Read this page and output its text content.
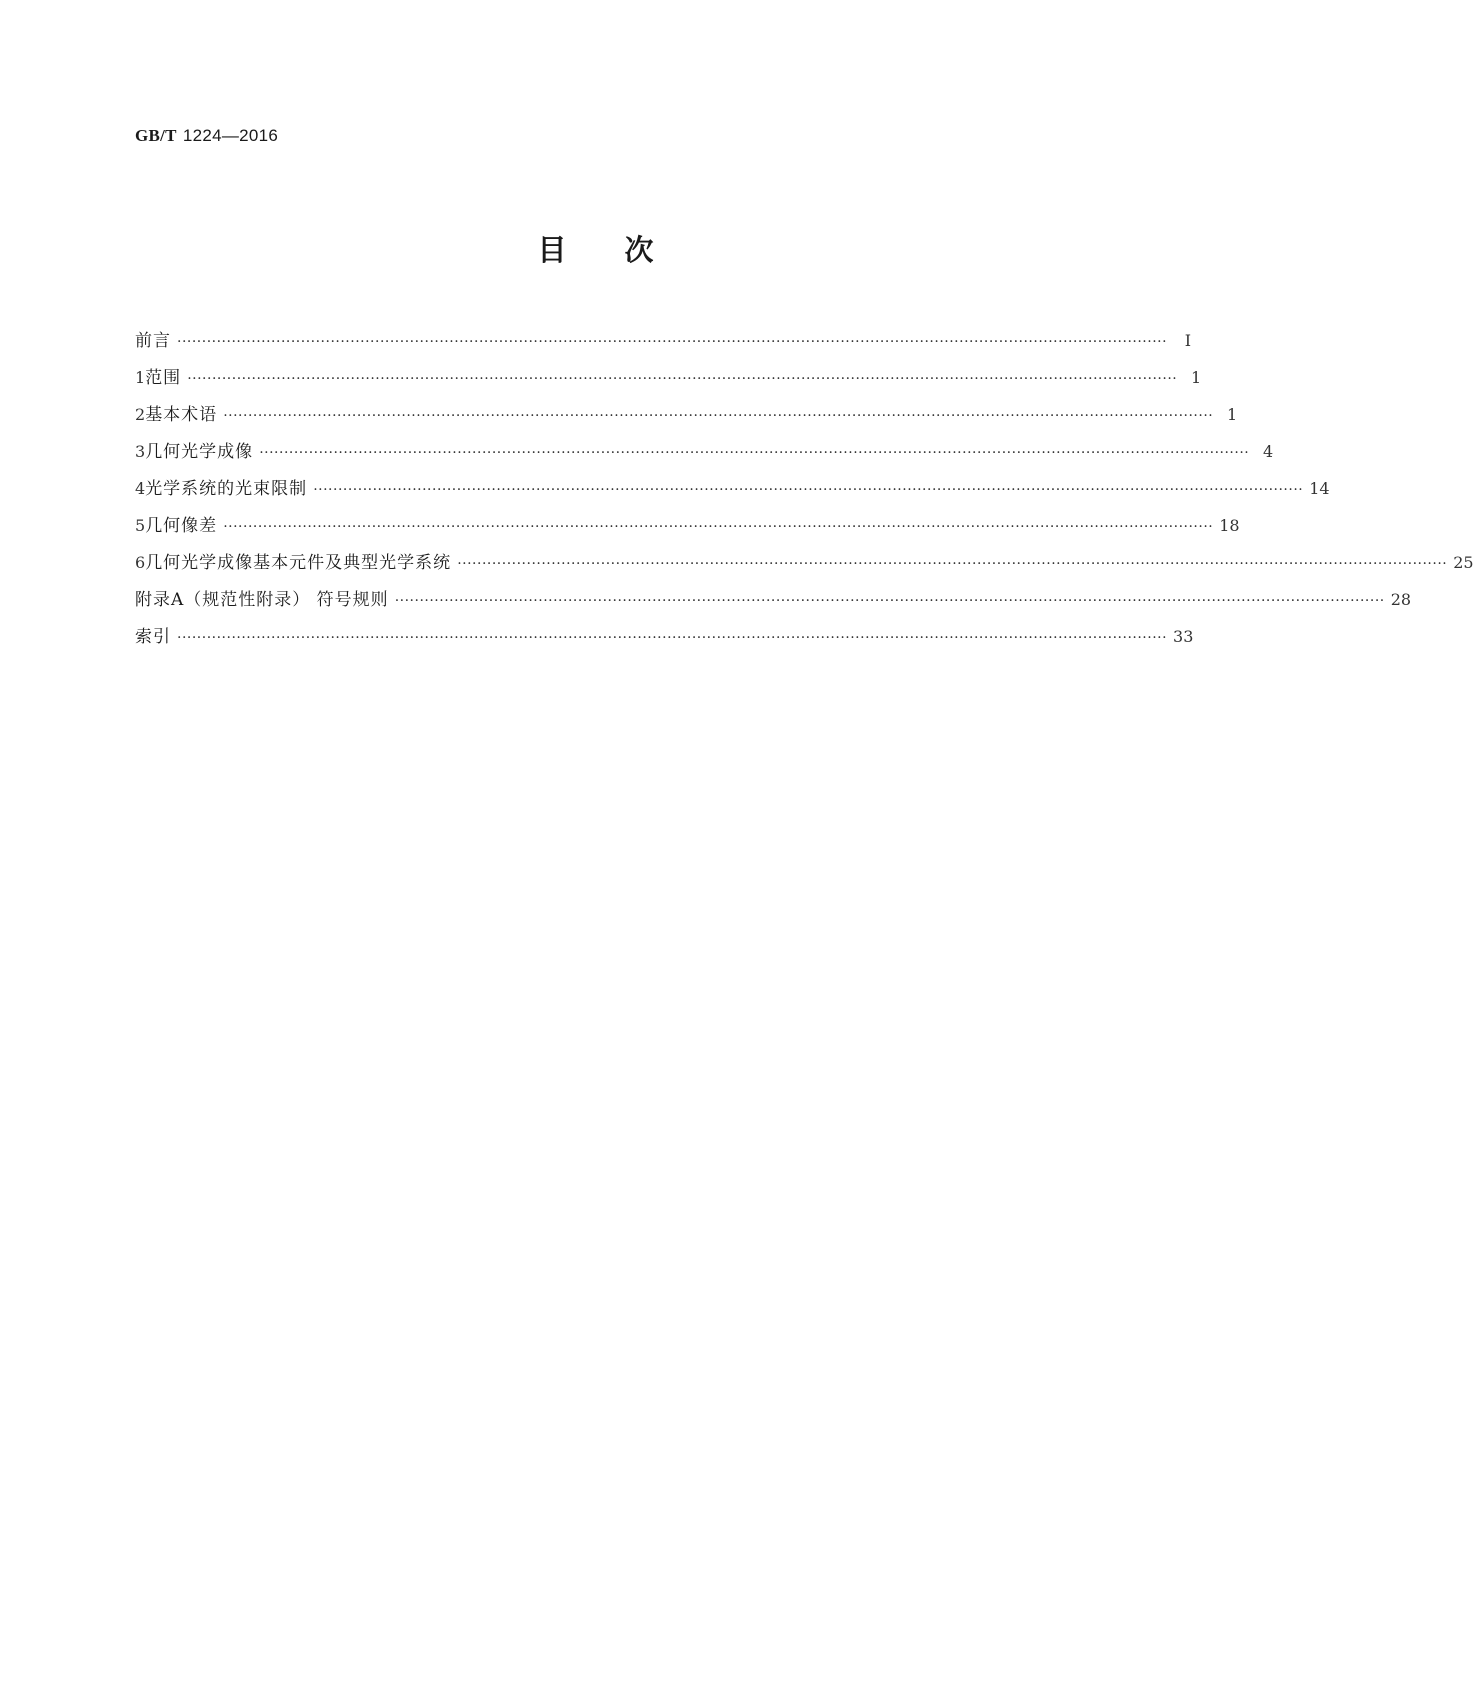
GB/T 1224—2016
目次
前言 ········································································································································································································	Ⅰ
1 范围 ········································································································································································································ 1
2 基本术语 ········································································································································································································ 1
3 几何光学成像 ········································································································································································································ 4
4 光学系统的光束限制 ········································································································································································································ 14
5 几何像差 ········································································································································································································ 18
6 几何光学成像基本元件及典型光学系统 ········································································································································································································ 25
附录A（规范性附录） 符号规则 ········································································································································································································ 28
索引 ········································································································································································································ 33
